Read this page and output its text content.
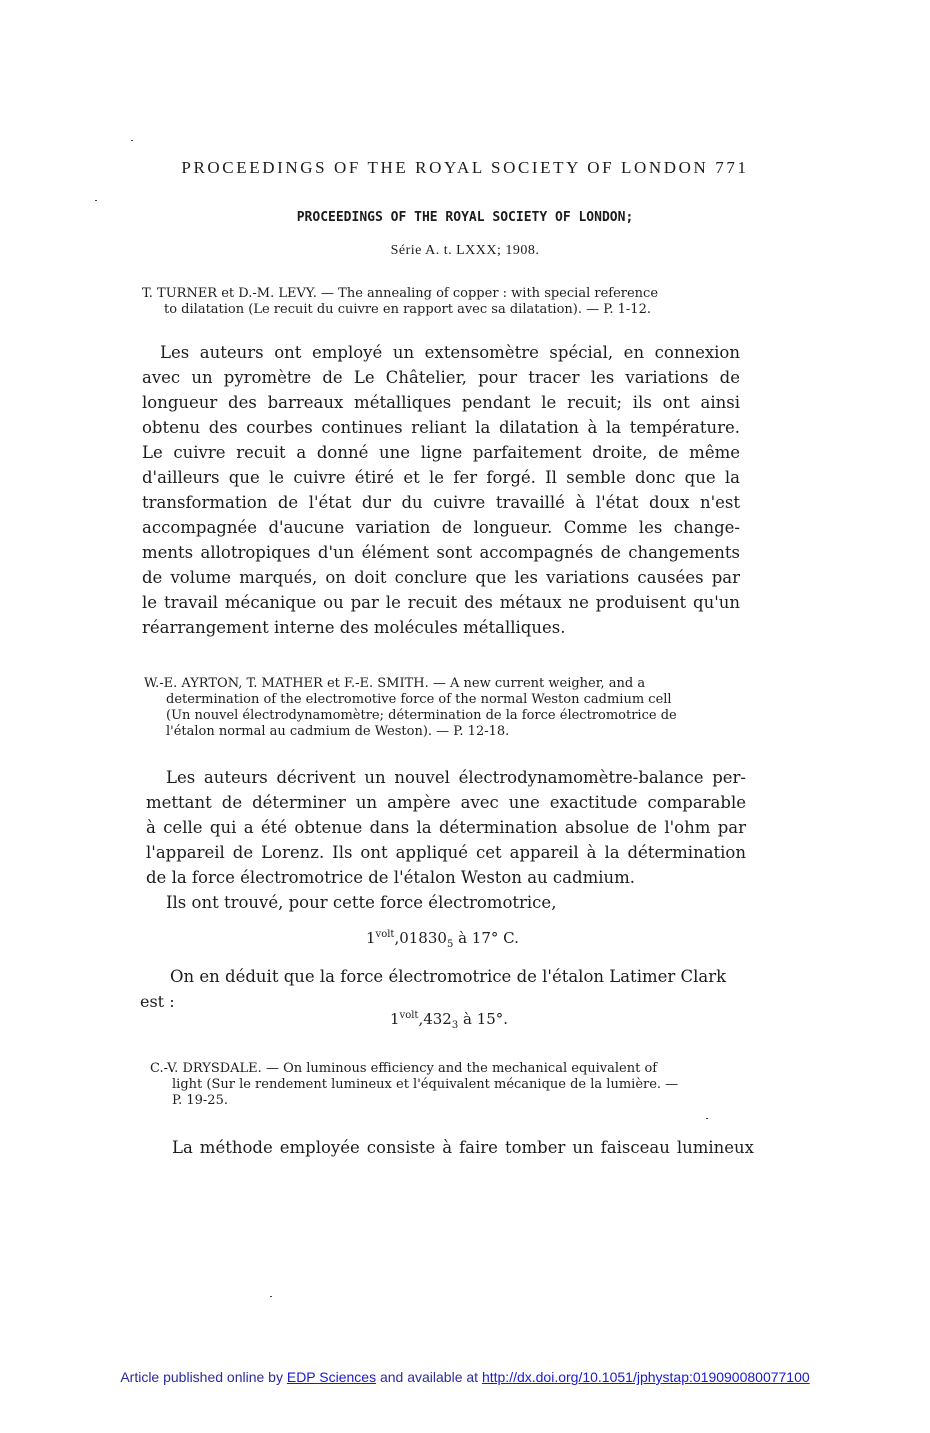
PROCEEDINGS OF THE ROYAL SOCIETY OF LONDON 771
PROCEEDINGS OF THE ROYAL SOCIETY OF LONDON;
Série A. t. LXXX; 1908.
T. TURNER et D.-M. LEVY. — The annealing of copper : with special reference
to dilatation (Le recuit du cuivre en rapport avec sa dilatation). — P. 1-12.
Les auteurs ont employé un extensomètre spécial, en connexion
avec un pyromètre de Le Châtelier, pour tracer les variations de
longueur des barreaux métalliques pendant le recuit; ils ont ainsi
obtenu des courbes continues reliant la dilatation à la température.
Le cuivre recuit a donné une ligne parfaitement droite, de même
d'ailleurs que le cuivre étiré et le fer forgé. Il semble donc que la
transformation de l'état dur du cuivre travaillé à l'état doux n'est
accompagnée d'aucune variation de longueur. Comme les change-
ments allotropiques d'un élément sont accompagnés de changements
de volume marqués, on doit conclure que les variations causées par
le travail mécanique ou par le recuit des métaux ne produisent qu'un
réarrangement interne des molécules métalliques.
W.-E. AYRTON, T. MATHER et F.-E. SMITH. — A new current weigher, and a
determination of the electromotive force of the normal Weston cadmium cell
(Un nouvel électrodynamomètre; détermination de la force électromotrice de
l'étalon normal au cadmium de Weston). — P. 12-18.
Les auteurs décrivent un nouvel électrodynamomètre-balance per-
mettant de déterminer un ampère avec une exactitude comparable
à celle qui a été obtenue dans la détermination absolue de l'ohm par
l'appareil de Lorenz. Ils ont appliqué cet appareil à la détermination
de la force électromotrice de l'étalon Weston au cadmium.
Ils ont trouvé, pour cette force électromotrice,
$1^{volt},01830_5$ à 17° C.
On en déduit que la force électromotrice de l'étalon Latimer Clark
est :
$1^{volt},432_3$ à 15°.
C.-V. DRYSDALE. — On luminous efficiency and the mechanical equivalent of
light (Sur le rendement lumineux et l'équivalent mécanique de la lumière. —
P. 19-25.
La méthode employée consiste à faire tomber un faisceau lumineux
Article published online by EDP Sciences and available at http://dx.doi.org/10.1051/jphystap:019090080077100
